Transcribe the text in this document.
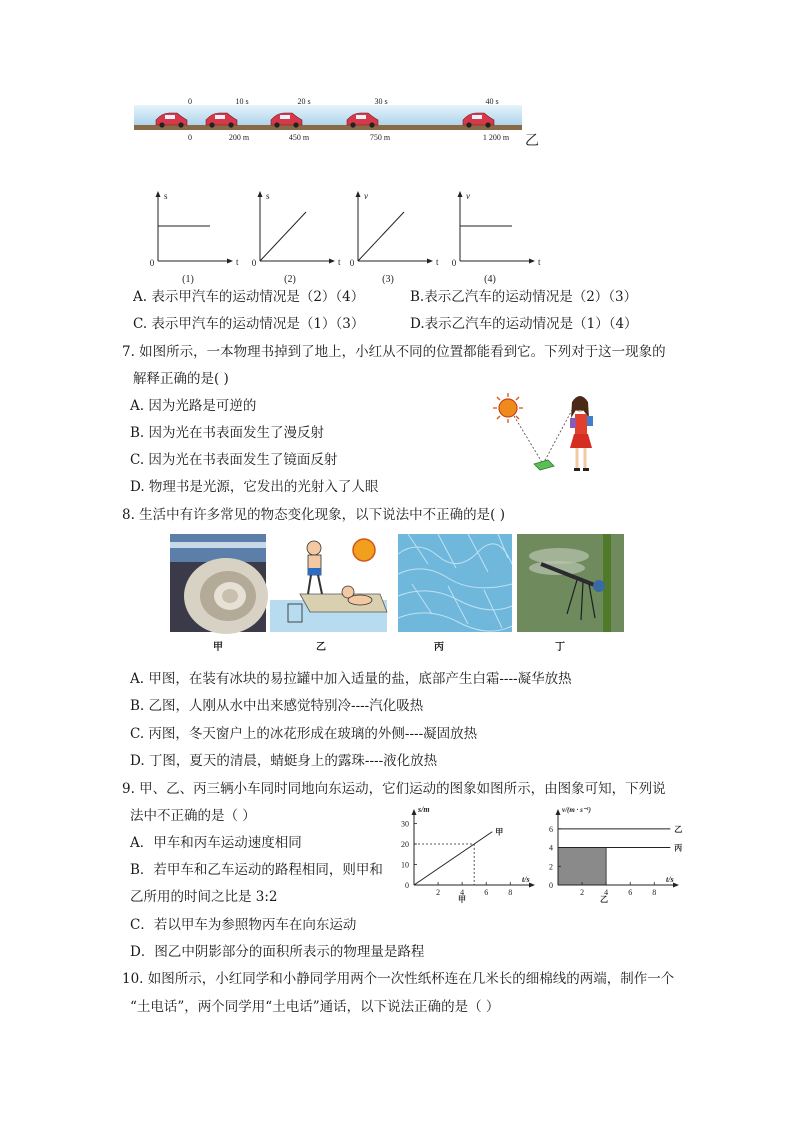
0	10 s	20 s	30 s	40 s
0	200 m	450 m	750 m	1 200 m 乙
s
t
0
(1)
s
t
0
(2)
v
t
0
(3)
v
t
0
(4)
A. 表示甲汽车的运动情况是（2）（4）	B.表示乙汽车的运动情况是（2）（3）
C. 表示甲汽车的运动情况是（1）（3）	D.表示乙汽车的运动情况是（1）（4）
7. 如图所示，一本物理书掉到了地上，小红从不同的位置都能看到它。下列对于这一现象的
解释正确的是( )
A. 因为光路是可逆的
B. 因为光在书表面发生了漫反射
C. 因为光在书表面发生了镜面反射
D. 物理书是光源，它发出的光射入了人眼
8. 生活中有许多常见的物态变化现象，以下说法中不正确的是( )
甲	乙	丙	丁
A. 甲图，在装有冰块的易拉罐中加入适量的盐，底部产生白霜----凝华放热
B. 乙图，人刚从水中出来感觉特别冷----汽化吸热
C. 丙图，冬天窗户上的冰花形成在玻璃的外侧----凝固放热
D. 丁图，夏天的清晨，蜻蜓身上的露珠----液化放热
9. 甲、乙、丙三辆小车同时同地向东运动，它们运动的图象如图所示，由图象可知，下列说
法中不正确的是（ ）
A．甲车和丙车运动速度相同
B．若甲车和乙车运动的路程相同，则甲和
乙所用的时间之比是 3:2
C．若以甲车为参照物丙车在向东运动
D．图乙中阴影部分的面积所表示的物理量是路程
s/m
t/s
0
10
20
30
2	4	6	8
甲
甲
v/(m · s⁻¹)
t/s
0
2
4
6
2	4	6	8
乙
丙
乙
10. 如图所示，小红同学和小静同学用两个一次性纸杯连在几米长的细棉线的两端，制作一个
“土电话”，两个同学用“土电话”通话，以下说法正确的是（ ）
